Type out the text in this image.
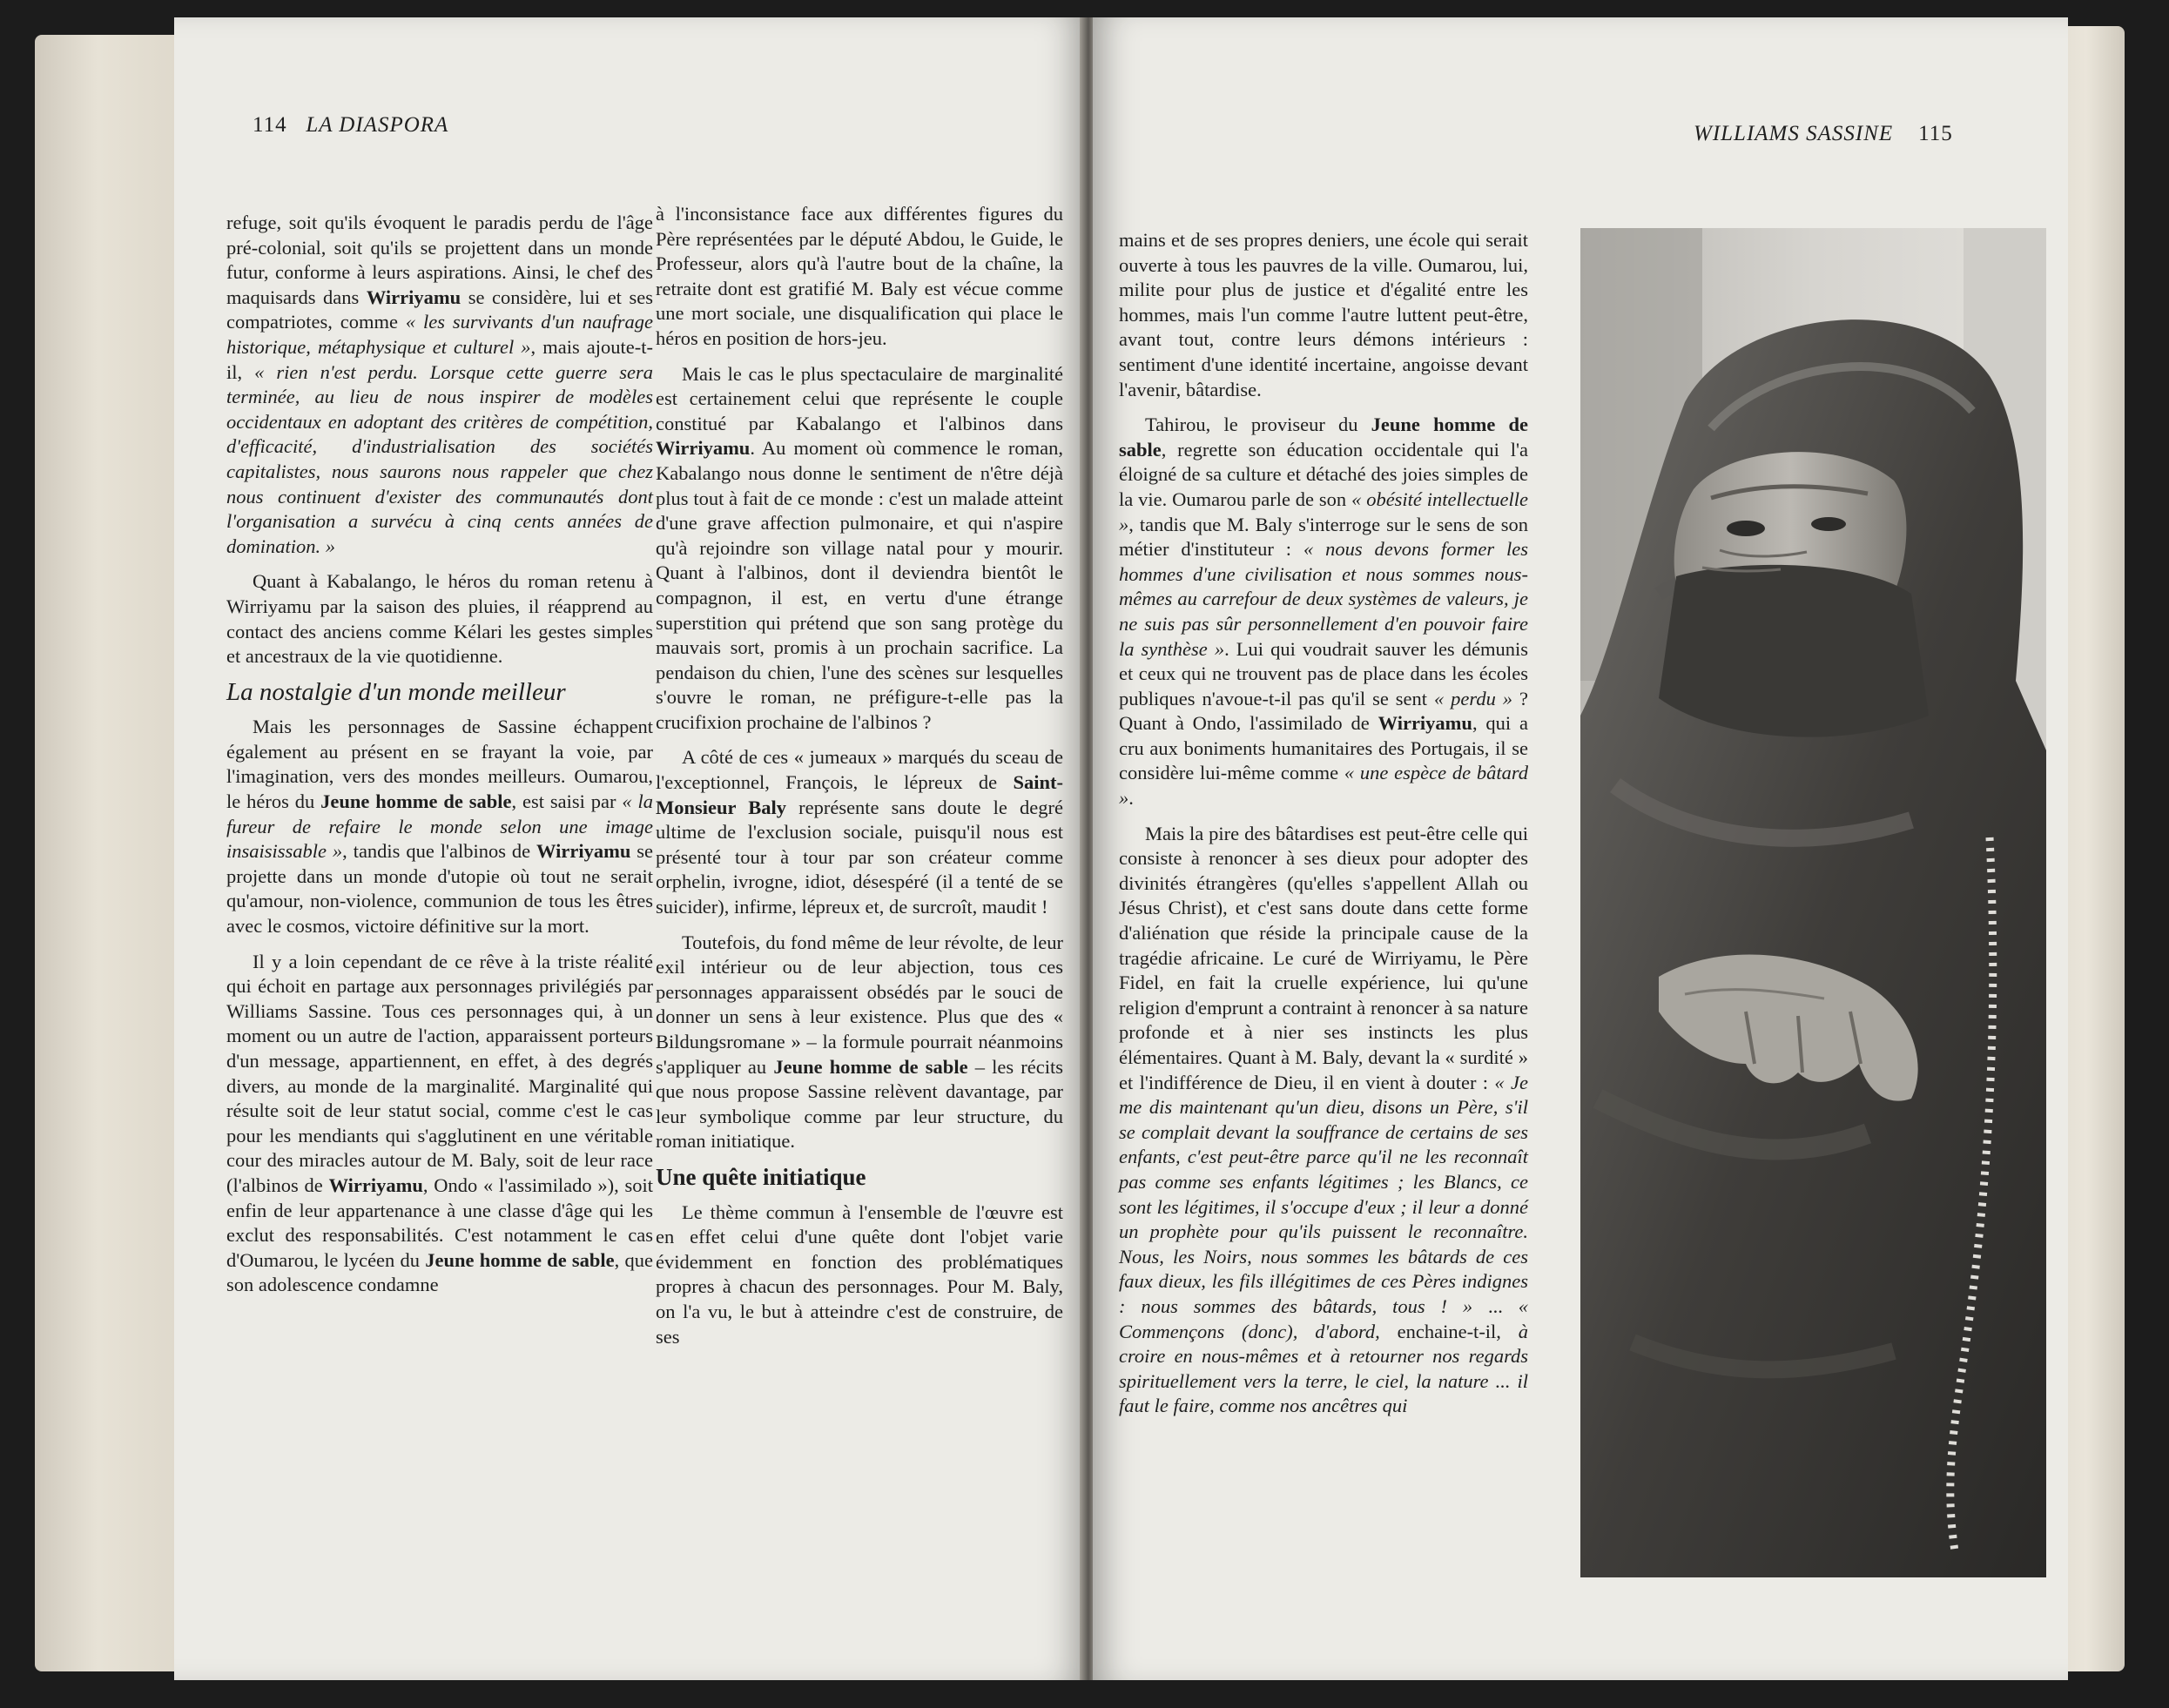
114 LA DIASPORA

refuge, soit qu'ils évoquent le paradis perdu de l'âge pré-colonial, soit qu'ils se projettent dans un monde futur, conforme à leurs aspirations. Ainsi, le chef des maquisards dans Wirriyamu se considère, lui et ses compatriotes, comme « les survivants d'un naufrage historique, métaphysique et culturel », mais ajoute-t-il, « rien n'est perdu. Lorsque cette guerre sera terminée, au lieu de nous inspirer de modèles occidentaux en adoptant des critères de compétition, d'efficacité, d'industrialisation des sociétés capitalistes, nous saurons nous rappeler que chez nous continuent d'exister des communautés dont l'organisation a survécu à cinq cents années de domination. »

Quant à Kabalango, le héros du roman retenu à Wirriyamu par la saison des pluies, il réapprend au contact des anciens comme Kélari les gestes simples et ancestraux de la vie quotidienne.

La nostalgie d'un monde meilleur

Mais les personnages de Sassine échappent également au présent en se frayant la voie, par l'imagination, vers des mondes meilleurs. Oumarou, le héros du Jeune homme de sable, est saisi par « la fureur de refaire le monde selon une image insaisissable », tandis que l'albinos de Wirriyamu se projette dans un monde d'utopie où tout ne serait qu'amour, non-violence, communion de tous les êtres avec le cosmos, victoire définitive sur la mort.

Il y a loin cependant de ce rêve à la triste réalité qui échoit en partage aux personnages privilégiés par Williams Sassine. Tous ces personnages qui, à un moment ou un autre de l'action, apparaissent porteurs d'un message, appartiennent, en effet, à des degrés divers, au monde de la marginalité. Marginalité qui résulte soit de leur statut social, comme c'est le cas pour les mendiants qui s'agglutinent en une véritable cour des miracles autour de M. Baly, soit de leur race (l'albinos de Wirriyamu, Ondo « l'assimilado »), soit enfin de leur appartenance à une classe d'âge qui les exclut des responsabilités. C'est notamment le cas d'Oumarou, le lycéen du Jeune homme de sable, que son adolescence condamne

à l'inconsistance face aux différentes figures du Père représentées par le député Abdou, le Guide, le Professeur, alors qu'à l'autre bout de la chaîne, la retraite dont est gratifié M. Baly est vécue comme une mort sociale, une disqualification qui place le héros en position de hors-jeu.

Mais le cas le plus spectaculaire de marginalité est certainement celui que représente le couple constitué par Kabalango et l'albinos dans Wirriyamu. Au moment où commence le roman, Kabalango nous donne le sentiment de n'être déjà plus tout à fait de ce monde : c'est un malade atteint d'une grave affection pulmonaire, et qui n'aspire qu'à rejoindre son village natal pour y mourir. Quant à l'albinos, dont il deviendra bientôt le compagnon, il est, en vertu d'une étrange superstition qui prétend que son sang protège du mauvais sort, promis à un prochain sacrifice. La pendaison du chien, l'une des scènes sur lesquelles s'ouvre le roman, ne préfigure-t-elle pas la crucifixion prochaine de l'albinos ?

A côté de ces « jumeaux » marqués du sceau de l'exceptionnel, François, le lépreux de Saint-Monsieur Baly représente sans doute le degré ultime de l'exclusion sociale, puisqu'il nous est présenté tour à tour par son créateur comme orphelin, ivrogne, idiot, désespéré (il a tenté de se suicider), infirme, lépreux et, de surcroît, maudit !

Toutefois, du fond même de leur révolte, de leur exil intérieur ou de leur abjection, tous ces personnages apparaissent obsédés par le souci de donner un sens à leur existence. Plus que des « Bildungsromane » – la formule pourrait néanmoins s'appliquer au Jeune homme de sable – les récits que nous propose Sassine relèvent davantage, par leur symbolique comme par leur structure, du roman initiatique.

Une quête initiatique

Le thème commun à l'ensemble de l'œuvre est en effet celui d'une quête dont l'objet varie évidemment en fonction des problématiques propres à chacun des personnages. Pour M. Baly, on l'a vu, le but à atteindre c'est de construire, de ses

WILLIAMS SASSINE 115

mains et de ses propres deniers, une école qui serait ouverte à tous les pauvres de la ville. Oumarou, lui, milite pour plus de justice et d'égalité entre les hommes, mais l'un comme l'autre luttent peut-être, avant tout, contre leurs démons intérieurs : sentiment d'une identité incertaine, angoisse devant l'avenir, bâtardise.

Tahirou, le proviseur du Jeune homme de sable, regrette son éducation occidentale qui l'a éloigné de sa culture et détaché des joies simples de la vie. Oumarou parle de son « obésité intellectuelle », tandis que M. Baly s'interroge sur le sens de son métier d'instituteur : « nous devons former les hommes d'une civilisation et nous sommes nous-mêmes au carrefour de deux systèmes de valeurs, je ne suis pas sûr personnellement d'en pouvoir faire la synthèse ». Lui qui voudrait sauver les démunis et ceux qui ne trouvent pas de place dans les écoles publiques n'avoue-t-il pas qu'il se sent « perdu » ? Quant à Ondo, l'assimilado de Wirriyamu, qui a cru aux boniments humanitaires des Portugais, il se considère lui-même comme « une espèce de bâtard ».

Mais la pire des bâtardises est peut-être celle qui consiste à renoncer à ses dieux pour adopter des divinités étrangères (qu'elles s'appellent Allah ou Jésus Christ), et c'est sans doute dans cette forme d'aliénation que réside la principale cause de la tragédie africaine. Le curé de Wirriyamu, le Père Fidel, en fait la cruelle expérience, lui qu'une religion d'emprunt a contraint à renoncer à sa nature profonde et à nier ses instincts les plus élémentaires. Quant à M. Baly, devant la « surdité » et l'indifférence de Dieu, il en vient à douter : « Je me dis maintenant qu'un dieu, disons un Père, s'il se complait devant la souffrance de certains de ses enfants, c'est peut-être parce qu'il ne les reconnaît pas comme ses enfants légitimes ; les Blancs, ce sont les légitimes, il s'occupe d'eux ; il leur a donné un prophète pour qu'ils puissent le reconnaître. Nous, les Noirs, nous sommes les bâtards de ces faux dieux, les fils illégitimes de ces Pères indignes : nous sommes des bâtards, tous ! » ... « Commençons (donc), d'abord, enchaine-t-il, à croire en nous-mêmes et à retourner nos regards spirituellement vers la terre, le ciel, la nature ... il faut le faire, comme nos ancêtres qui
